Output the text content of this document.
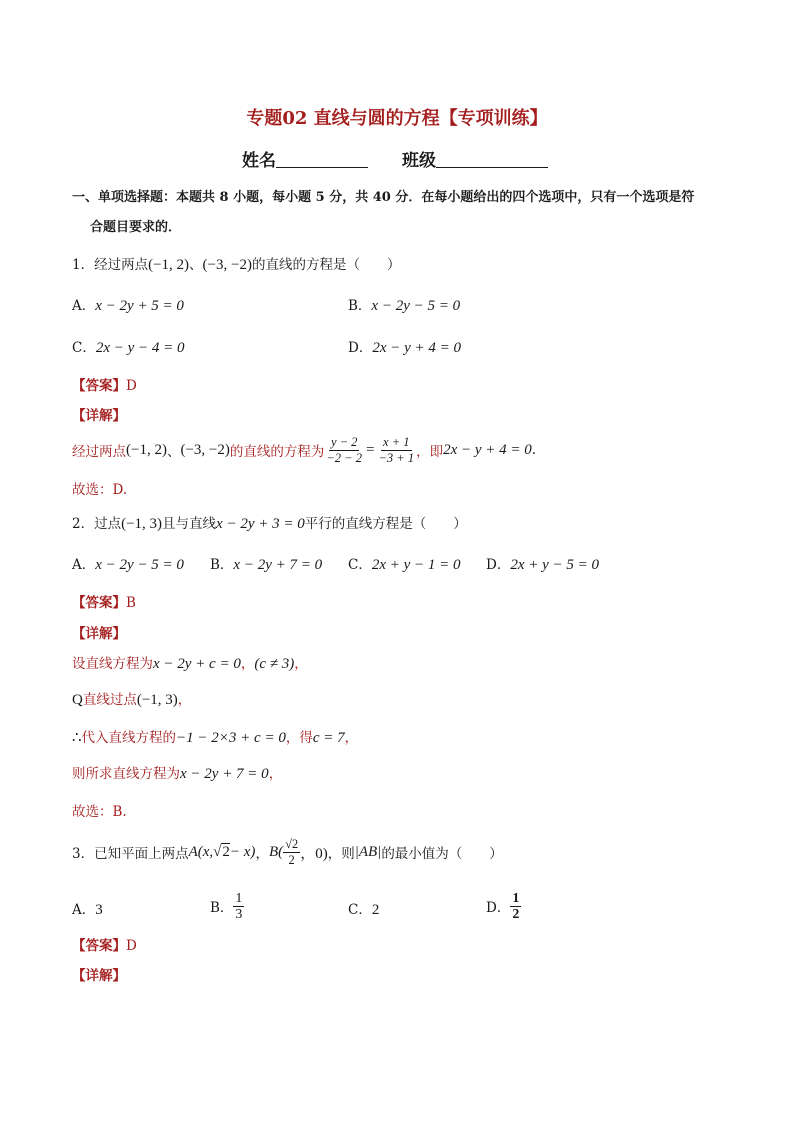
专题02 直线与圆的方程【专项训练】
姓名	班级
一、单项选择题：本题共 8 小题，每小题 5 分，共 40 分．在每小题给出的四个选项中，只有一个选项是符
合题目要求的．
1．经过两点(−1, 2)、(−3, −2)的直线的方程是（　　）
A．x − 2y + 5 = 0	B．x − 2y − 5 = 0
C．2x − y − 4 = 0	D．2x − y + 4 = 0
【答案】D
【详解】
经过两点 (−1, 2) 、 (−3, −2) 的直线的方程为 $\frac{y - 2}{-2 - 2} = \frac{x + 1}{-3 + 1}$ ，即 2x − y + 4 = 0 .
故选：D.
2．过点(−1, 3)且与直线x − 2y + 3 = 0平行的直线方程是（　　）
A．x − 2y − 5 = 0 B．x − 2y + 7 = 0 C．2x + y − 1 = 0 D．2x + y − 5 = 0
【答案】B
【详解】
设直线方程为x − 2y + c = 0，(c ≠ 3)，
Q直线过点(−1, 3)，
∴代入直线方程的−1 − 2×3 + c = 0，得c = 7，
则所求直线方程为x − 2y + 7 = 0，
故选：B.
3．已知平面上两点 A(x, √ 2 − x) ， $B( \frac{√2}{2}$ ，0) ，则 |AB| 的最小值为（　　）
A．3	B． $\frac{1}{3}$	C．2	D． $\frac{1}{2}$
【答案】D
【详解】
